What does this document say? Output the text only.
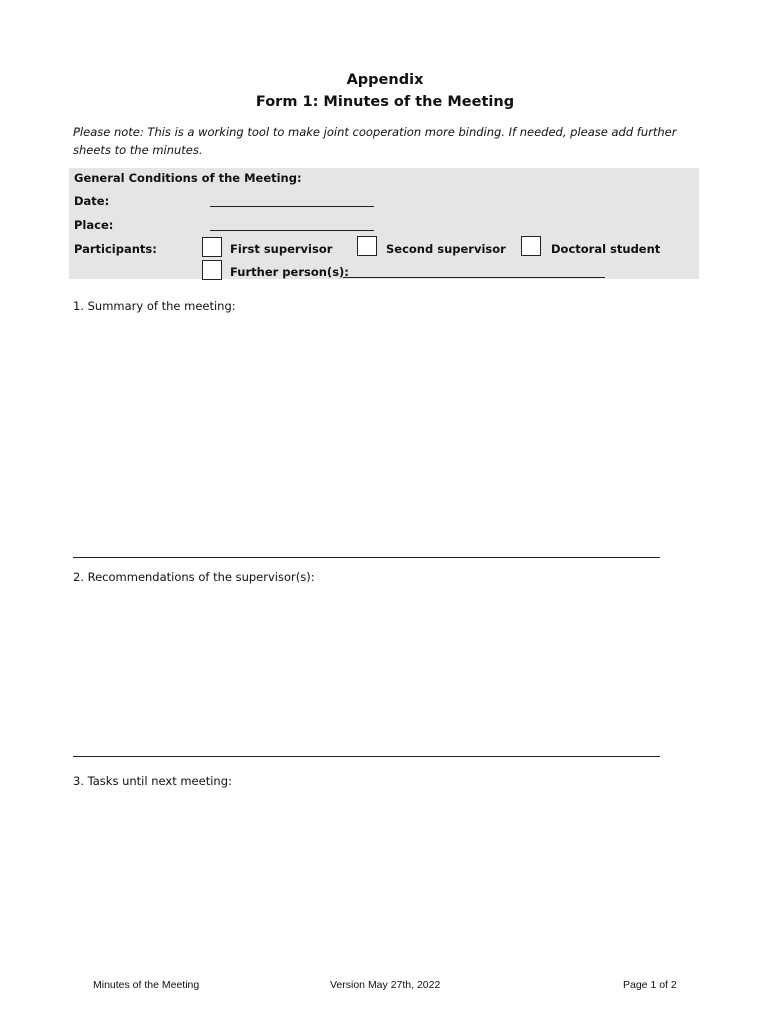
Appendix
Form 1: Minutes of the Meeting
Please note: This is a working tool to make joint cooperation more binding. If needed, please add further sheets to the minutes.
General Conditions of the Meeting:
Date:
Place:
Participants:	First supervisor	Second supervisor	Doctoral student
Further person(s):
1. Summary of the meeting:
2. Recommendations of the supervisor(s):
3. Tasks until next meeting:
Minutes of the Meeting	Version May 27th, 2022	Page 1 of 2
